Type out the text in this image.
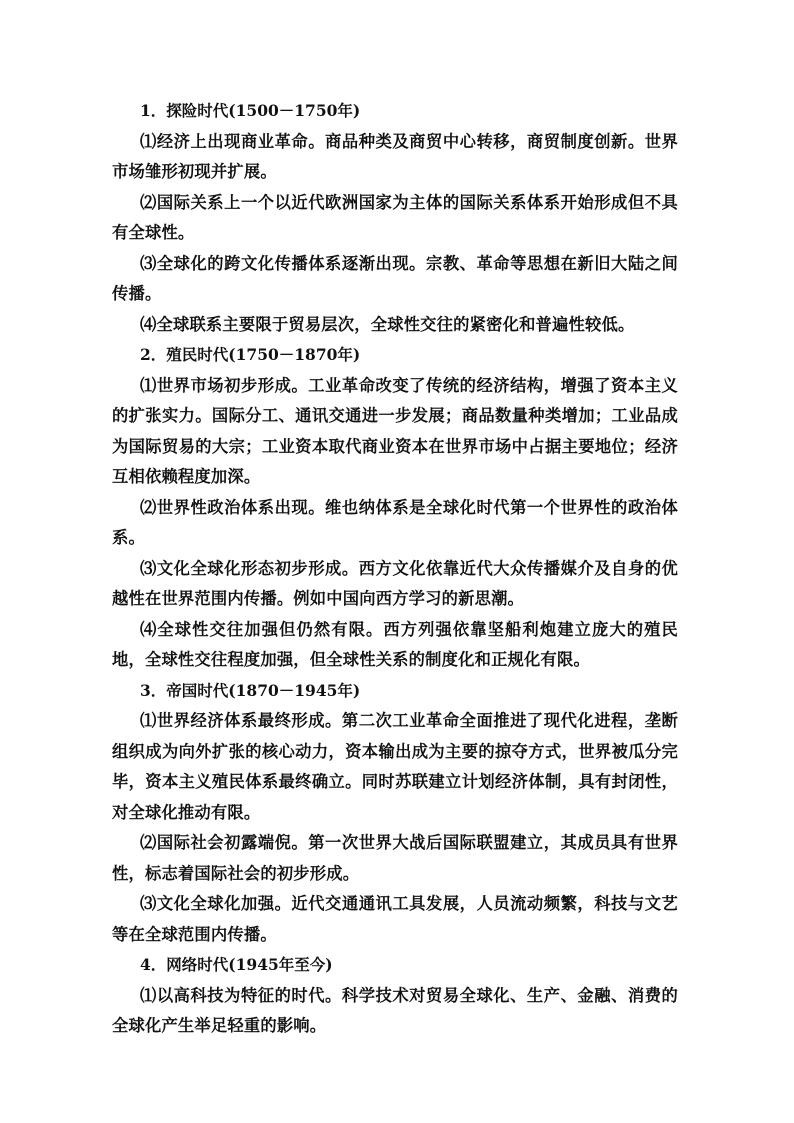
1．探险时代(1500－1750年)

⑴经济上出现商业革命。商品种类及商贸中心转移，商贸制度创新。世界市场雏形初现并扩展。

⑵国际关系上一个以近代欧洲国家为主体的国际关系体系开始形成但不具有全球性。

⑶全球化的跨文化传播体系逐渐出现。宗教、革命等思想在新旧大陆之间传播。

⑷全球联系主要限于贸易层次，全球性交往的紧密化和普遍性较低。

2．殖民时代(1750－1870年)

⑴世界市场初步形成。工业革命改变了传统的经济结构，增强了资本主义的扩张实力。国际分工、通讯交通进一步发展；商品数量种类增加；工业品成为国际贸易的大宗；工业资本取代商业资本在世界市场中占据主要地位；经济互相依赖程度加深。

⑵世界性政治体系出现。维也纳体系是全球化时代第一个世界性的政治体系。

⑶文化全球化形态初步形成。西方文化依靠近代大众传播媒介及自身的优越性在世界范围内传播。例如中国向西方学习的新思潮。

⑷全球性交往加强但仍然有限。西方列强依靠坚船利炮建立庞大的殖民地，全球性交往程度加强，但全球性关系的制度化和正规化有限。

3．帝国时代(1870－1945年)

⑴世界经济体系最终形成。第二次工业革命全面推进了现代化进程，垄断组织成为向外扩张的核心动力，资本输出成为主要的掠夺方式，世界被瓜分完毕，资本主义殖民体系最终确立。同时苏联建立计划经济体制，具有封闭性，对全球化推动有限。

⑵国际社会初露端倪。第一次世界大战后国际联盟建立，其成员具有世界性，标志着国际社会的初步形成。

⑶文化全球化加强。近代交通通讯工具发展，人员流动频繁，科技与文艺等在全球范围内传播。

4．网络时代(1945年至今)

⑴以高科技为特征的时代。科学技术对贸易全球化、生产、金融、消费的全球化产生举足轻重的影响。
